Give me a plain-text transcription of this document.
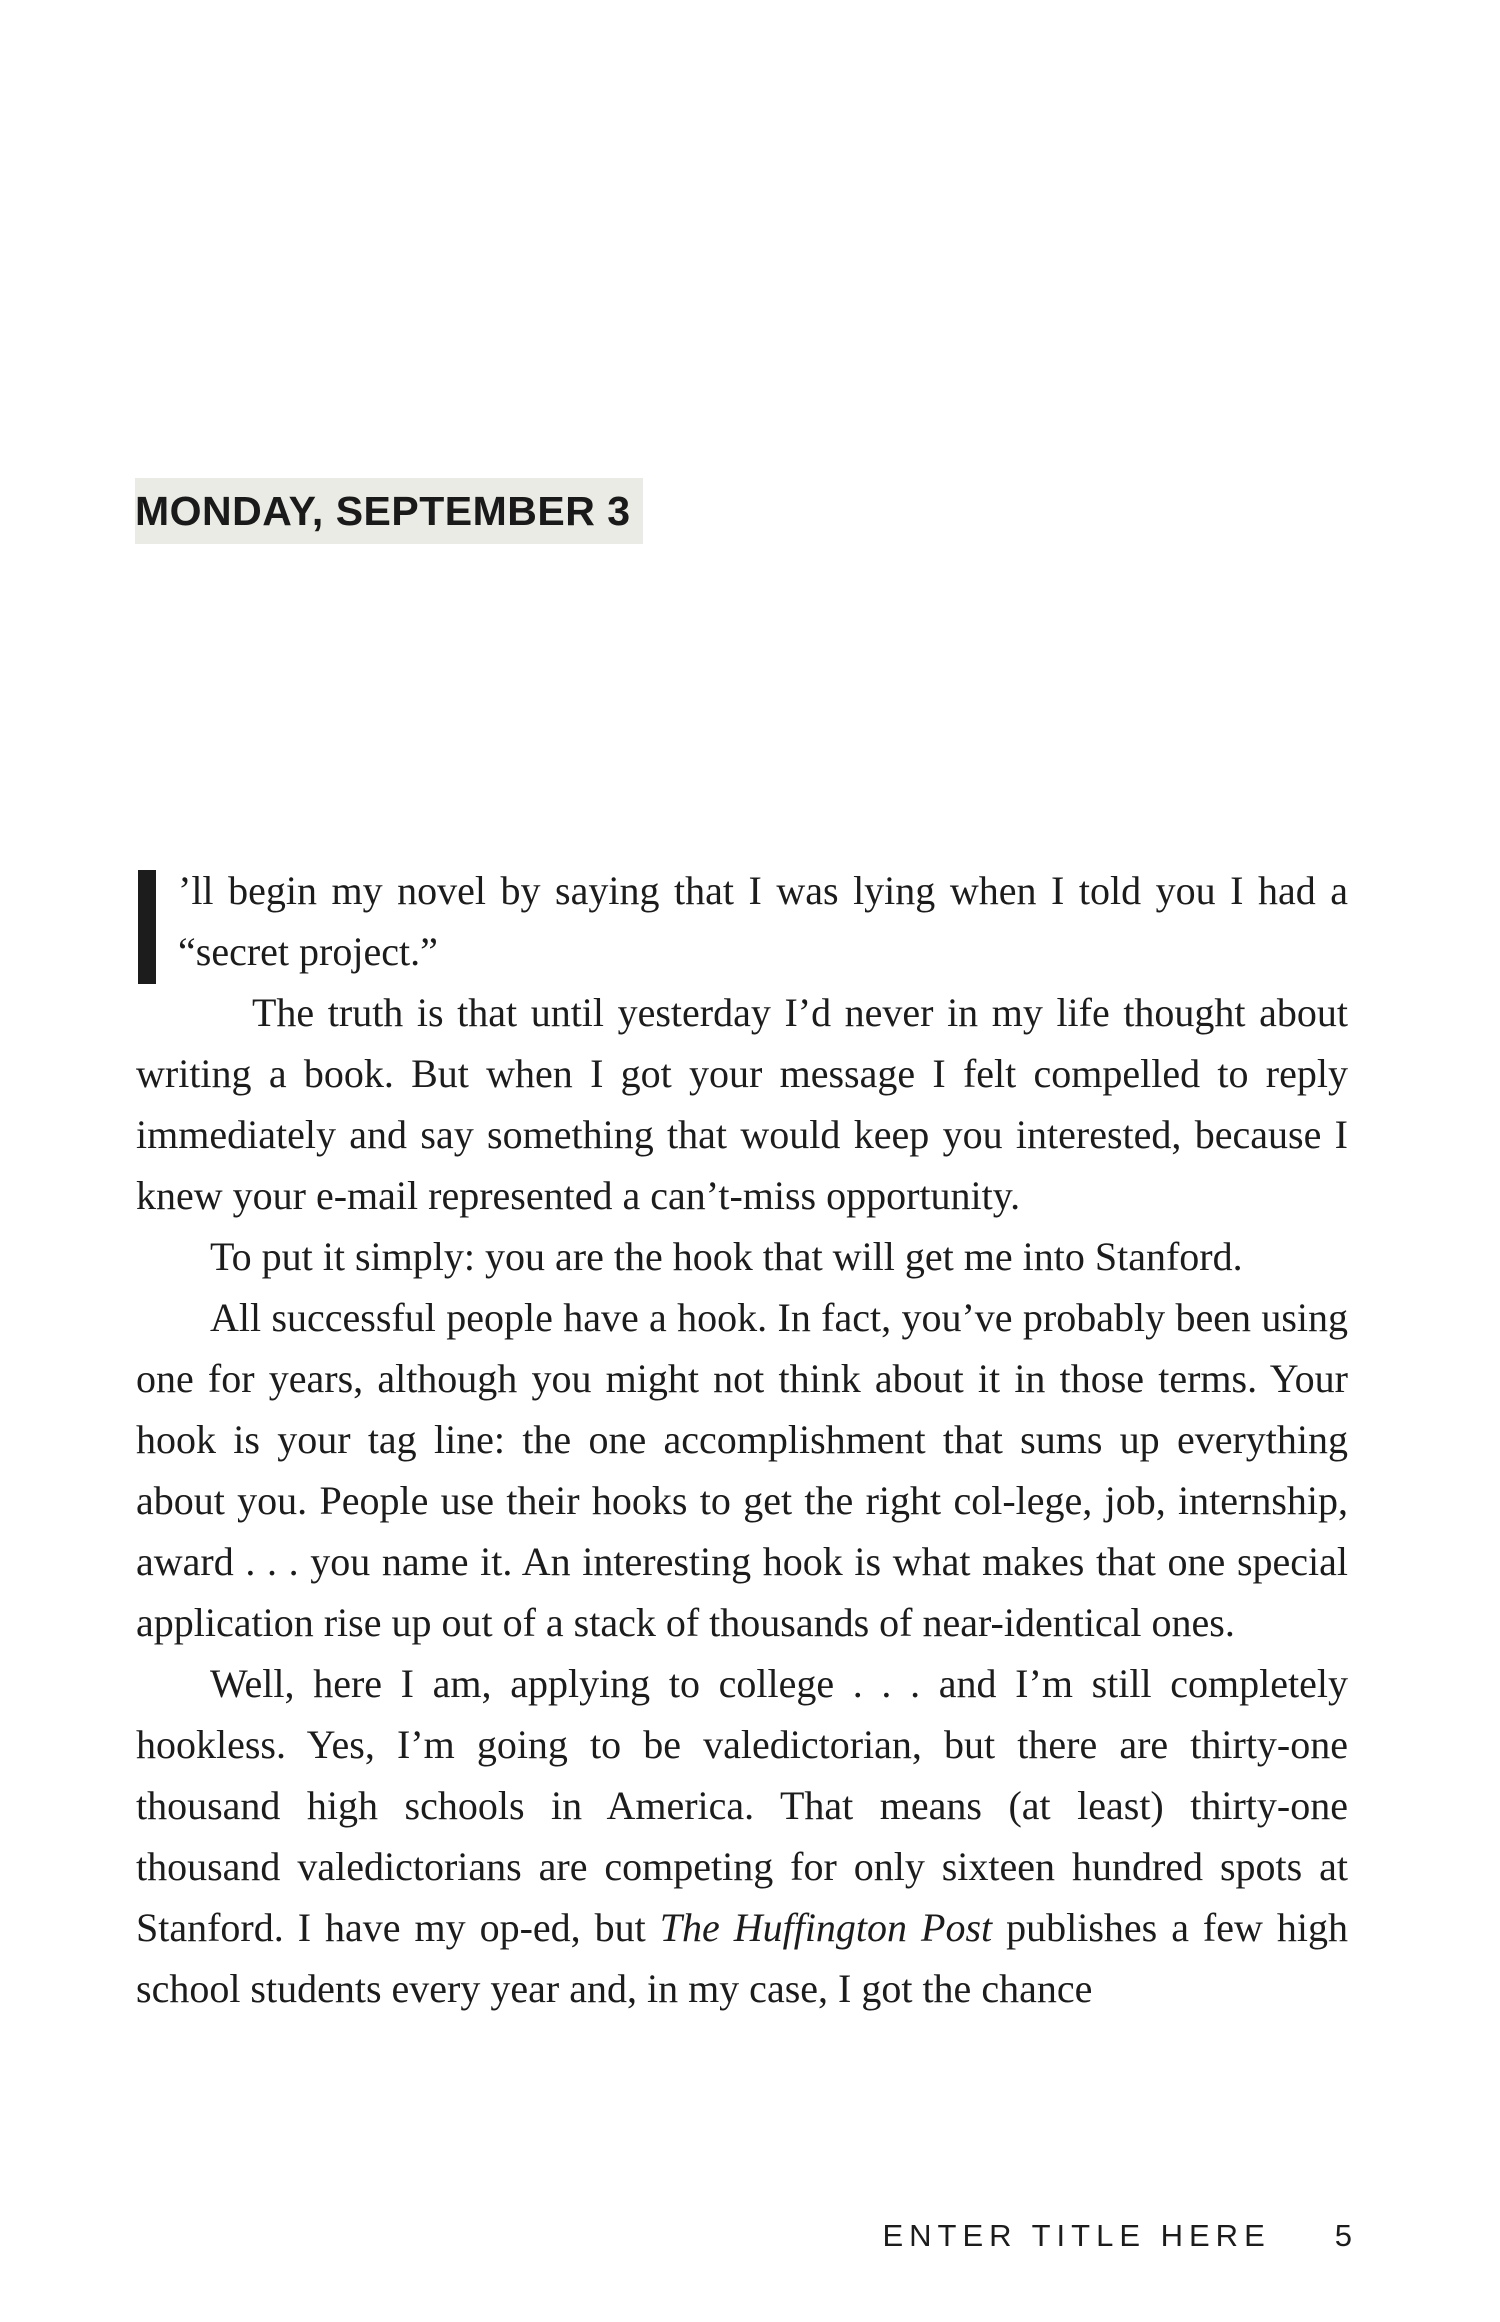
MONDAY, SEPTEMBER 3

’ll begin my novel by saying that I was lying when I told you I had a “secret project.”

The truth is that until yesterday I’d never in my life thought about writing a book. But when I got your message I felt compelled to reply immediately and say something that would keep you interested, because I knew your e-mail represented a can’t-miss opportunity.

To put it simply: you are the hook that will get me into Stanford.

All successful people have a hook. In fact, you’ve probably been using one for years, although you might not think about it in those terms. Your hook is your tag line: the one accomplishment that sums up everything about you. People use their hooks to get the right col-lege, job, internship, award . . . you name it. An interesting hook is what makes that one special application rise up out of a stack of thousands of near-identical ones.

Well, here I am, applying to college . . . and I’m still completely hookless. Yes, I’m going to be valedictorian, but there are thirty-one thousand high schools in America. That means (at least) thirty-one thousand valedictorians are competing for only sixteen hundred spots at Stanford. I have my op-ed, but The Huffington Post publishes a few high school students every year and, in my case, I got the chance

ENTER TITLE HERE 5
